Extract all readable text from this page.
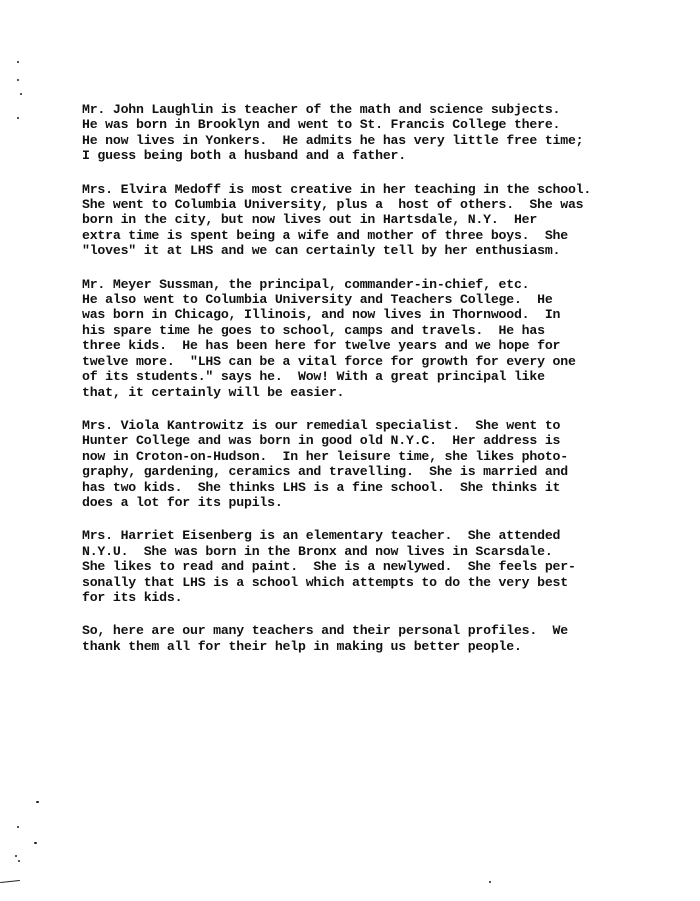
Mr. John Laughlin is teacher of the math and science subjects.
He was born in Brooklyn and went to St. Francis College there.
He now lives in Yonkers.  He admits he has very little free time;
I guess being both a husband and a father.
Mrs. Elvira Medoff is most creative in her teaching in the school.
She went to Columbia University, plus a  host of others.  She was
born in the city, but now lives out in Hartsdale, N.Y.  Her
extra time is spent being a wife and mother of three boys.  She
"loves" it at LHS and we can certainly tell by her enthusiasm.
Mr. Meyer Sussman, the principal, commander-in-chief, etc.
He also went to Columbia University and Teachers College.  He
was born in Chicago, Illinois, and now lives in Thornwood.  In
his spare time he goes to school, camps and travels.  He has
three kids.  He has been here for twelve years and we hope for
twelve more.  "LHS can be a vital force for growth for every one
of its students." says he.  Wow! With a great principal like
that, it certainly will be easier.
Mrs. Viola Kantrowitz is our remedial specialist.  She went to
Hunter College and was born in good old N.Y.C.  Her address is
now in Croton-on-Hudson.  In her leisure time, she likes photo-
graphy, gardening, ceramics and travelling.  She is married and
has two kids.  She thinks LHS is a fine school.  She thinks it
does a lot for its pupils.
Mrs. Harriet Eisenberg is an elementary teacher.  She attended
N.Y.U.  She was born in the Bronx and now lives in Scarsdale.
She likes to read and paint.  She is a newlywed.  She feels per-
sonally that LHS is a school which attempts to do the very best
for its kids.
So, here are our many teachers and their personal profiles.  We
thank them all for their help in making us better people.
